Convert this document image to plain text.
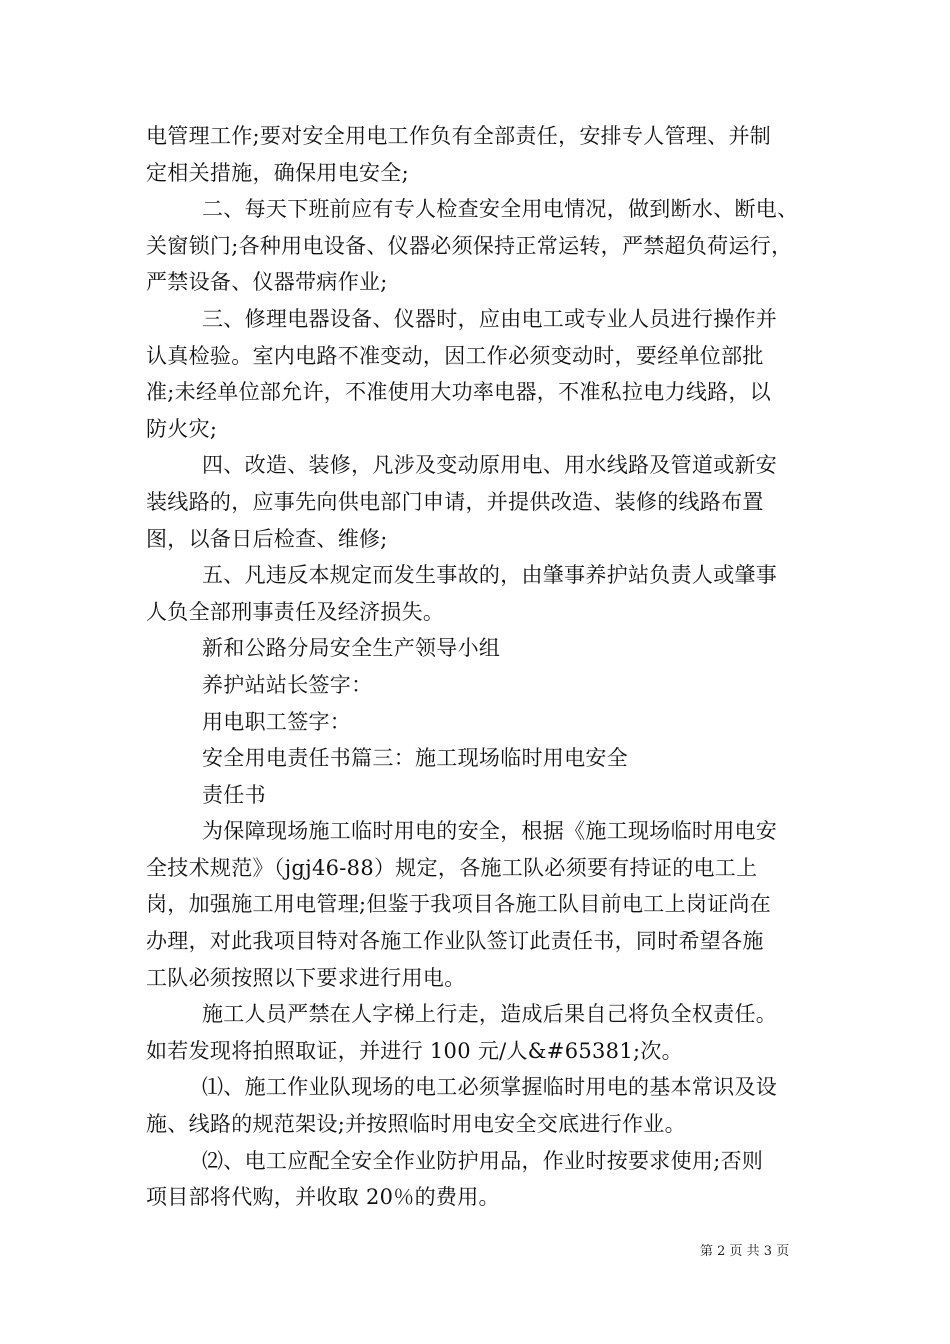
电管理工作;要对安全用电工作负有全部责任，安排专人管理、并制
定相关措施，确保用电安全;
二、每天下班前应有专人检查安全用电情况，做到断水、断电、
关窗锁门;各种用电设备、仪器必须保持正常运转，严禁超负荷运行，
严禁设备、仪器带病作业;
三、修理电器设备、仪器时，应由电工或专业人员进行操作并
认真检验。室内电路不准变动，因工作必须变动时，要经单位部批
准;未经单位部允许，不准使用大功率电器，不准私拉电力线路，以
防火灾;
四、改造、装修，凡涉及变动原用电、用水线路及管道或新安
装线路的，应事先向供电部门申请，并提供改造、装修的线路布置
图，以备日后检查、维修;
五、凡违反本规定而发生事故的，由肇事养护站负责人或肇事
人负全部刑事责任及经济损失。
新和公路分局安全生产领导小组
养护站站长签字：
用电职工签字：
安全用电责任书篇三：施工现场临时用电安全
责任书
为保障现场施工临时用电的安全，根据《施工现场临时用电安
全技术规范》（jgj46-88）规定，各施工队必须要有持证的电工上
岗，加强施工用电管理;但鉴于我项目各施工队目前电工上岗证尚在
办理，对此我项目特对各施工作业队签订此责任书，同时希望各施
工队必须按照以下要求进行用电。
施工人员严禁在人字梯上行走，造成后果自己将负全权责任。
如若发现将拍照取证，并进行 100 元/人&#65381;次。
⑴、施工作业队现场的电工必须掌握临时用电的基本常识及设
施、线路的规范架设;并按照临时用电安全交底进行作业。
⑵、电工应配全安全作业防护用品，作业时按要求使用;否则
项目部将代购，并收取 20％的费用。
第 2 页 共 3 页
